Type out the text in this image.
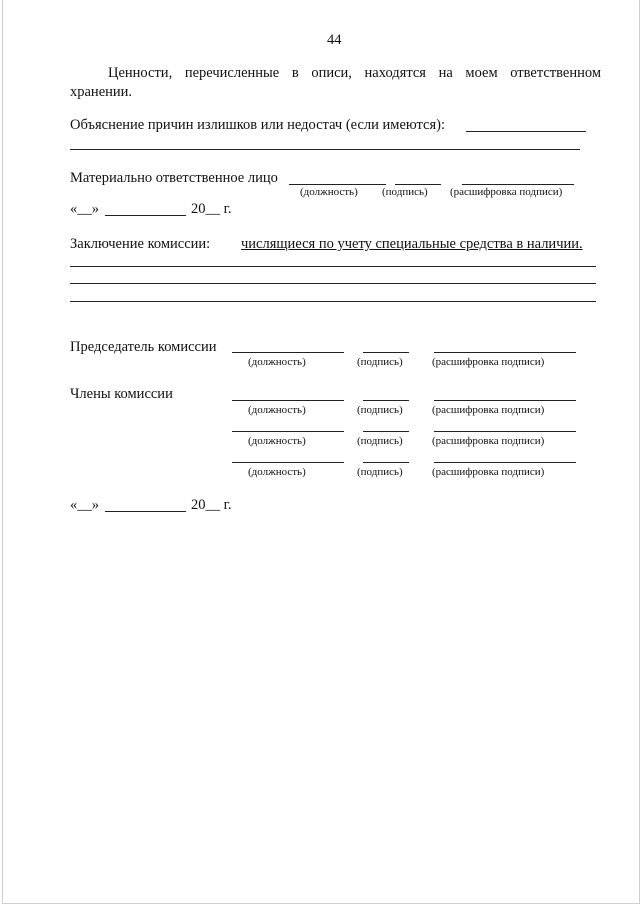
44
Ценности, перечисленные в описи, находятся на моем ответственном хранении.
Объяснение причин излишков или недостач (если имеются):
Материально ответственное лицо
(должность) (подпись) (расшифровка подписи)
«__»	20__ г.
Заключение комиссии: числящиеся по учету специальные средства в наличии.
Председатель комиссии
(должность)	(подпись)	(расшифровка подписи)
Члены комиссии
(должность)	(подпись)	(расшифровка подписи)
(должность)	(подпись)	(расшифровка подписи)
(должность)	(подпись)	(расшифровка подписи)
«__»	20__ г.
